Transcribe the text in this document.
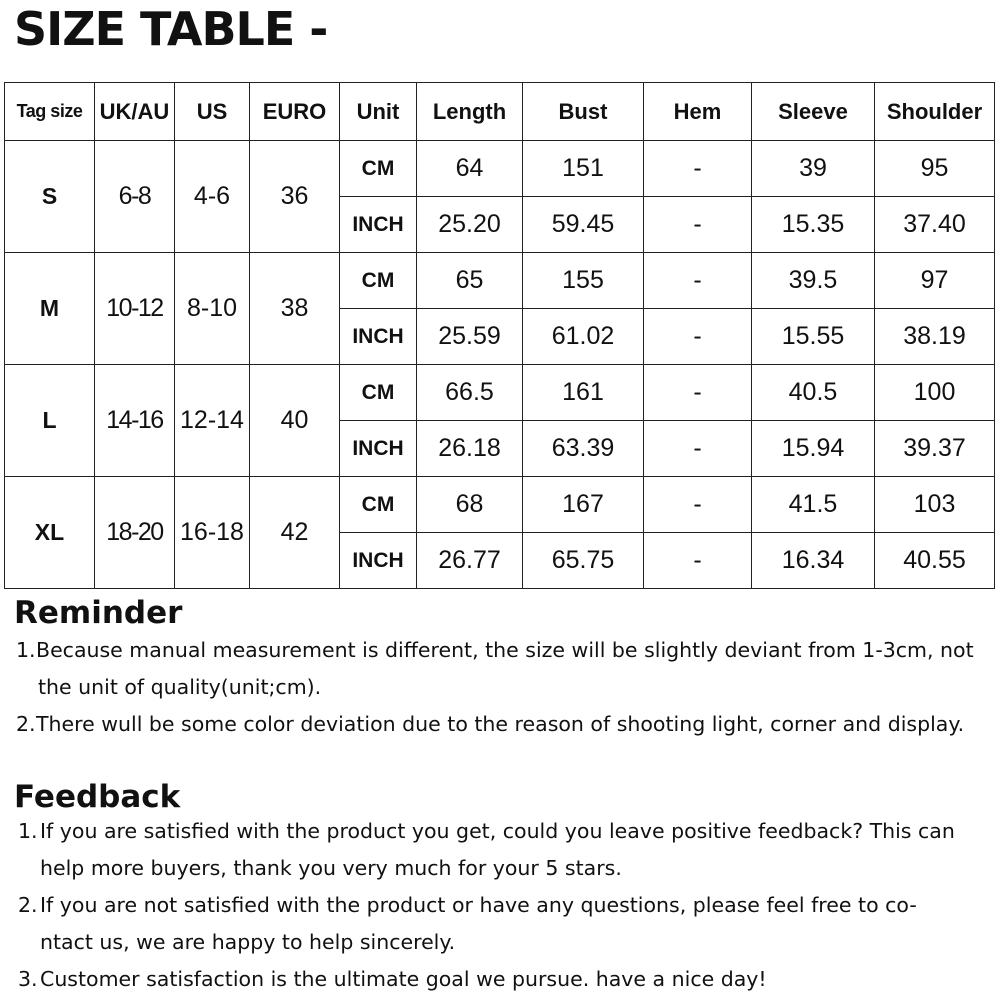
SIZE TABLE -
Tag size	UK/AU	US	EURO	Unit	Length	Bust	Hem	Sleeve	Shoulder
S	6-8	4-6	36	CM	64	151	-	39	95
				INCH	25.20	59.45	-	15.35	37.40
M	10-12	8-10	38	CM	65	155	-	39.5	97
				INCH	25.59	61.02	-	15.55	38.19
L	14-16	12-14	40	CM	66.5	161	-	40.5	100
				INCH	26.18	63.39	-	15.94	39.37
XL	18-20	16-18	42	CM	68	167	-	41.5	103
				INCH	26.77	65.75	-	16.34	40.55
Reminder
1. Because manual measurement is different, the size will be slightly deviant from 1-3cm, not the unit of quality(unit;cm).
2. There wull be some color deviation due to the reason of shooting light, corner and display.
Feedback
1. If you are satisfied with the product you get, could you leave positive feedback? This can help more buyers, thank you very much for your 5 stars.
2. If you are not satisfied with the product or have any questions, please feel free to co-ntact us, we are happy to help sincerely.
3. Customer satisfaction is the ultimate goal we pursue. have a nice day!
